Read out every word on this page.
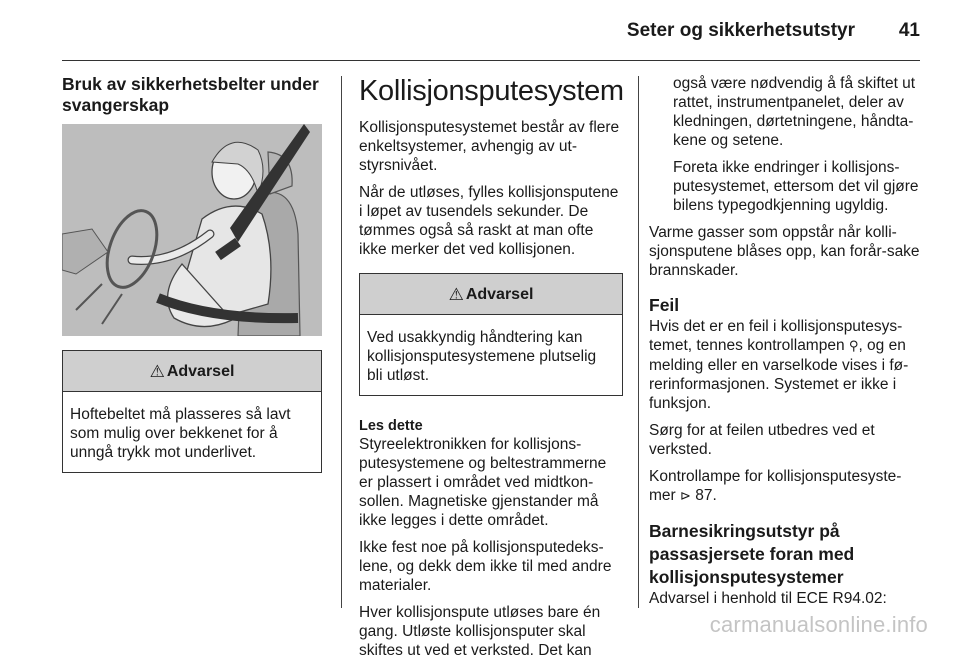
Seter og sikkerhetsutstyr 41
Bruk av sikkerhetsbelter under svangerskap
⚠ Advarsel
Hoftebeltet må plasseres så lavt som mulig over bekkenet for å unngå trykk mot underlivet.
Kollisjonsputesystem

Kollisjonsputesystemet består av flere enkeltsystemer, avhengig av ut-styrsnivået.

Når de utløses, fylles kollisjonsputene i løpet av tusendels sekunder. De tømmes også så raskt at man ofte ikke merker det ved kollisjonen.

⚠ Advarsel
Ved usakkyndig håndtering kan kollisjonsputesystemene plutselig bli utløst.
Les dette

Styreelektronikken for kollisjons-putesystemene og beltestrammerne er plassert i området ved midtkon-sollen. Magnetiske gjenstander må ikke legges i dette området.

Ikke fest noe på kollisjonsputedeks-lene, og dekk dem ikke til med andre materialer.

Hver kollisjonspute utløses bare én gang. Utløste kollisjonsputer skal skiftes ut ved et verksted. Det kan

også være nødvendig å få skiftet ut rattet, instrumentpanelet, deler av kledningen, dørtetningene, håndta-kene og setene.

Foreta ikke endringer i kollisjons-putesystemet, ettersom det vil gjøre bilens typegodkjenning ugyldig.

Varme gasser som oppstår når kolli-sjonsputene blåses opp, kan forår-sake brannskader.

Feil

Hvis det er en feil i kollisjonsputesys-temet, tennes kontrollampen ⚲, og en melding eller en varselkode vises i fø-rerinformasjonen. Systemet er ikke i funksjon.

Sørg for at feilen utbedres ved et verksted.

Kontrollampe for kollisjonsputesyste-mer ⊳ 87.

Barnesikringsutstyr på passasjersete foran med kollisjonsputesystemer

Advarsel i henhold til ECE R94.02:

carmanualsonline.info
